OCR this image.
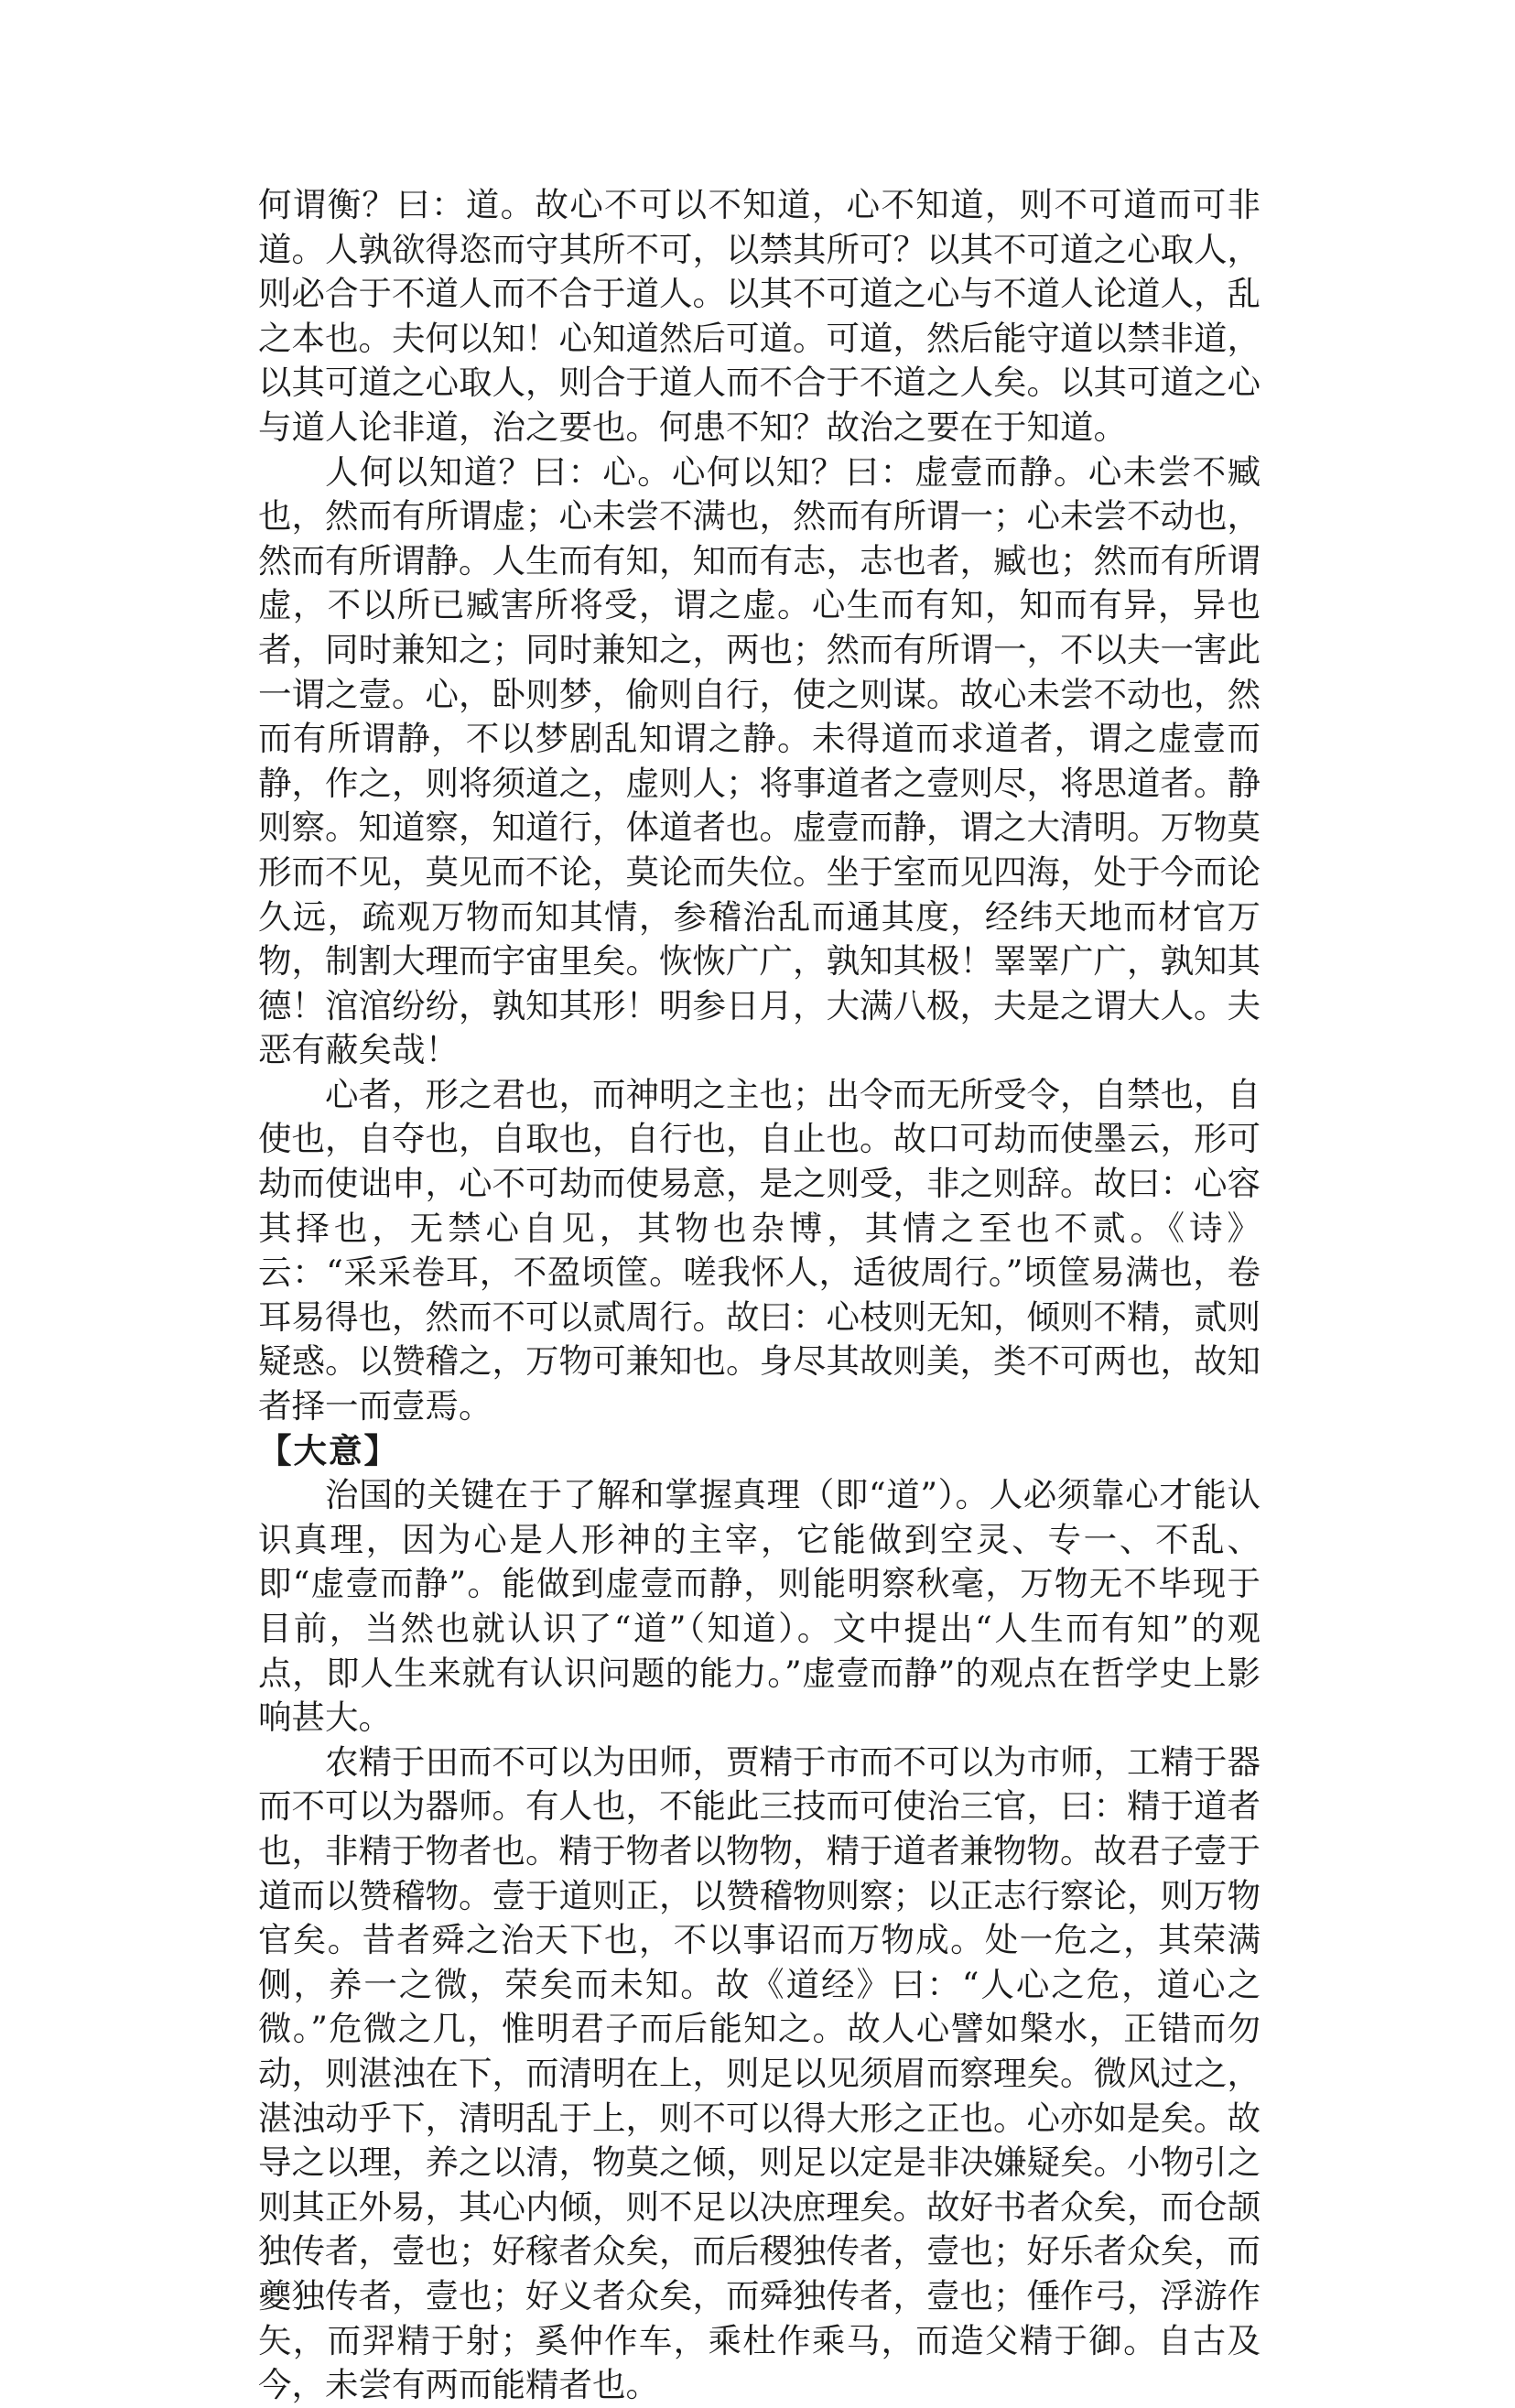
何谓衡？曰：道。故心不可以不知道，心不知道，则不可道而可非道。人孰欲得恣而守其所不可，以禁其所可？以其不可道之心取人，则必合于不道人而不合于道人。以其不可道之心与不道人论道人，乱之本也。夫何以知！心知道然后可道。可道，然后能守道以禁非道，以其可道之心取人，则合于道人而不合于不道之人矣。以其可道之心与道人论非道，治之要也。何患不知？故治之要在于知道。

人何以知道？曰：心。心何以知？曰：虚壹而静。心未尝不臧也，然而有所谓虚；心未尝不满也，然而有所谓一；心未尝不动也，然而有所谓静。人生而有知，知而有志，志也者，臧也；然而有所谓虚，不以所已臧害所将受，谓之虚。心生而有知，知而有异，异也者，同时兼知之；同时兼知之，两也；然而有所谓一，不以夫一害此一谓之壹。心，卧则梦，偷则自行，使之则谋。故心未尝不动也，然而有所谓静，不以梦剧乱知谓之静。未得道而求道者，谓之虚壹而静，作之，则将须道之，虚则人；将事道者之壹则尽，将思道者。静则察。知道察，知道行，体道者也。虚壹而静，谓之大清明。万物莫形而不见，莫见而不论，莫论而失位。坐于室而见四海，处于今而论久远，疏观万物而知其情，参稽治乱而通其度，经纬天地而材官万物，制割大理而宇宙里矣。恢恢广广，孰知其极！睪睪广广，孰知其德！涫涫纷纷，孰知其形！明参日月，大满八极，夫是之谓大人。夫恶有蔽矣哉！

心者，形之君也，而神明之主也；出令而无所受令，自禁也，自使也，自夺也，自取也，自行也，自止也。故口可劫而使墨云，形可劫而使诎申，心不可劫而使易意，是之则受，非之则辞。故曰：心容其择也，无禁心自见，其物也杂博，其情之至也不贰。《诗》云：“采采卷耳，不盈顷筐。嗟我怀人，适彼周行。”顷筐易满也，卷耳易得也，然而不可以贰周行。故曰：心枝则无知，倾则不精，贰则疑惑。以赞稽之，万物可兼知也。身尽其故则美，类不可两也，故知者择一而壹焉。

【大意】

治国的关键在于了解和掌握真理（即“道”）。人必须靠心才能认识真理，因为心是人形神的主宰，它能做到空灵、专一、不乱、即“虚壹而静”。能做到虚壹而静，则能明察秋毫，万物无不毕现于目前，当然也就认识了“道”（知道）。文中提出“人生而有知”的观点，即人生来就有认识问题的能力。”虚壹而静”的观点在哲学史上影响甚大。

农精于田而不可以为田师，贾精于市而不可以为市师，工精于器而不可以为器师。有人也，不能此三技而可使治三官，曰：精于道者也，非精于物者也。精于物者以物物，精于道者兼物物。故君子壹于道而以赞稽物。壹于道则正，以赞稽物则察；以正志行察论，则万物官矣。昔者舜之治天下也，不以事诏而万物成。处一危之，其荣满侧，养一之微，荣矣而未知。故《道经》曰：“人心之危，道心之微。”危微之几，惟明君子而后能知之。故人心譬如槃水，正错而勿动，则湛浊在下，而清明在上，则足以见须眉而察理矣。微风过之，湛浊动乎下，清明乱于上，则不可以得大形之正也。心亦如是矣。故导之以理，养之以清，物莫之倾，则足以定是非决嫌疑矣。小物引之则其正外易，其心内倾，则不足以决庶理矣。故好书者众矣，而仓颉独传者，壹也；好稼者众矣，而后稷独传者，壹也；好乐者众矣，而夔独传者，壹也；好义者众矣，而舜独传者，壹也；倕作弓，浮游作矢，而羿精于射；奚仲作车，乘杜作乘马，而造父精于御。自古及今，未尝有两而能精者也。
